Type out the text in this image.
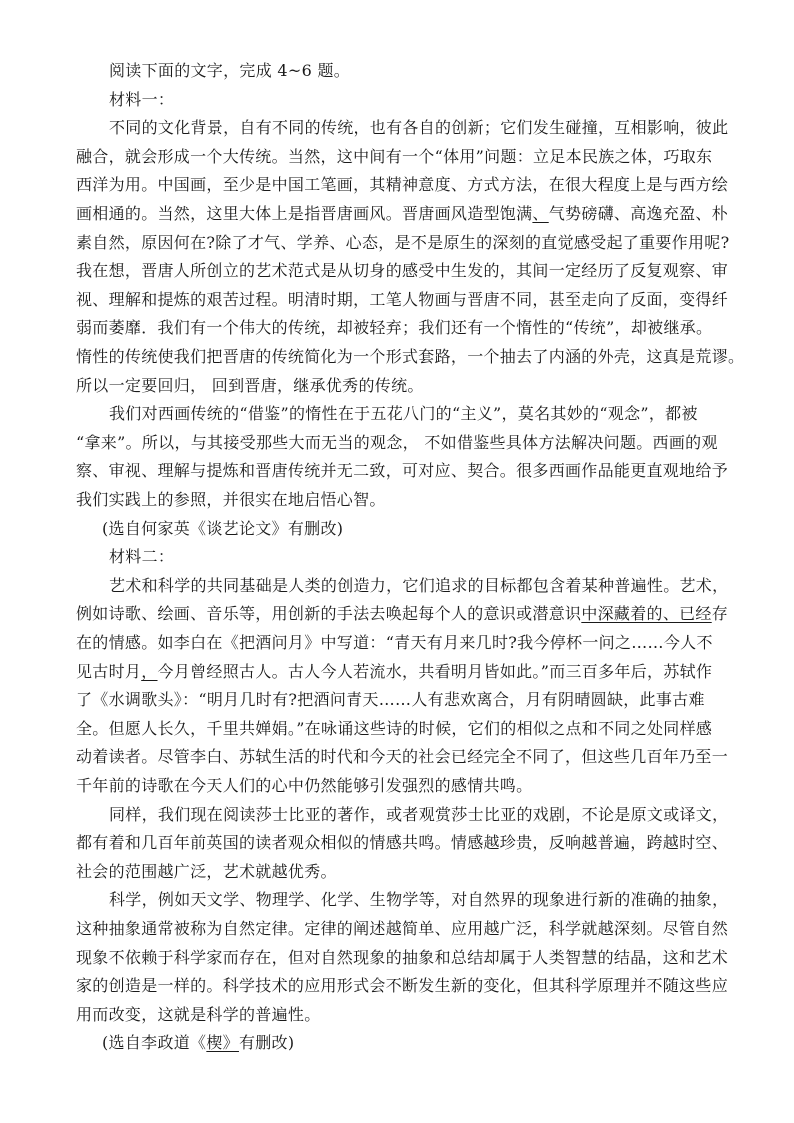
阅读下面的文字，完成 4~6 题。
材料一：
不同的文化背景，自有不同的传统，也有各自的创新；它们发生碰撞，互相影响，彼此
融合，就会形成一个大传统。当然，这中间有一个“体用”问题：立足本民族之体，巧取东
西洋为用。中国画，至少是中国工笔画，其精神意度、方式方法，在很大程度上是与西方绘
画相通的。当然，这里大体上是指晋唐画风。晋唐画风造型饱满、气势磅礴、高逸充盈、朴
素自然，原因何在?除了才气、学养、心态，是不是原生的深刻的直觉感受起了重要作用呢?
我在想，晋唐人所创立的艺术范式是从切身的感受中生发的，其间一定经历了反复观察、审
视、理解和提炼的艰苦过程。明清时期，工笔人物画与晋唐不同，甚至走向了反面，变得纤
弱而萎靡．我们有一个伟大的传统，却被轻弃；我们还有一个惰性的“传统”，却被继承。
惰性的传统使我们把晋唐的传统简化为一个形式套路，一个抽去了内涵的外壳，这真是荒谬。
所以一定要回归， 回到晋唐，继承优秀的传统。
我们对西画传统的“借鉴”的惰性在于五花八门的“主义”，莫名其妙的“观念”，都被
“拿来”。所以，与其接受那些大而无当的观念， 不如借鉴些具体方法解决问题。西画的观
察、审视、理解与提炼和晋唐传统并无二致，可对应、契合。很多西画作品能更直观地给予
我们实践上的参照，并很实在地启悟心智。
(选自何家英《谈艺论文》有删改)
材料二：
艺术和科学的共同基础是人类的创造力，它们追求的目标都包含着某种普遍性。艺术，
例如诗歌、绘画、音乐等，用创新的手法去唤起每个人的意识或潜意识中深藏着的、已经存
在的情感。如李白在《把酒问月》中写道：“青天有月来几时?我今停杯一问之……今人不
见古时月，今月曾经照古人。古人今人若流水，共看明月皆如此。”而三百多年后，苏轼作
了《水调歌头》：“明月几时有?把酒问青天……人有悲欢离合，月有阴晴圆缺，此事古难
全。但愿人长久，千里共婵娟。”在咏诵这些诗的时候，它们的相似之点和不同之处同样感
动着读者。尽管李白、苏轼生活的时代和今天的社会已经完全不同了，但这些几百年乃至一
千年前的诗歌在今天人们的心中仍然能够引发强烈的感情共鸣。
同样，我们现在阅读莎士比亚的著作，或者观赏莎士比亚的戏剧，不论是原文或译文，
都有着和几百年前英国的读者观众相似的情感共鸣。情感越珍贵，反响越普遍，跨越时空、
社会的范围越广泛，艺术就越优秀。
科学，例如天文学、物理学、化学、生物学等，对自然界的现象进行新的准确的抽象，
这种抽象通常被称为自然定律。定律的阐述越简单、应用越广泛，科学就越深刻。尽管自然
现象不依赖于科学家而存在，但对自然现象的抽象和总结却属于人类智慧的结晶，这和艺术
家的创造是一样的。科学技术的应用形式会不断发生新的变化，但其科学原理并不随这些应
用而改变，这就是科学的普遍性。
(选自李政道《楔》有删改)
